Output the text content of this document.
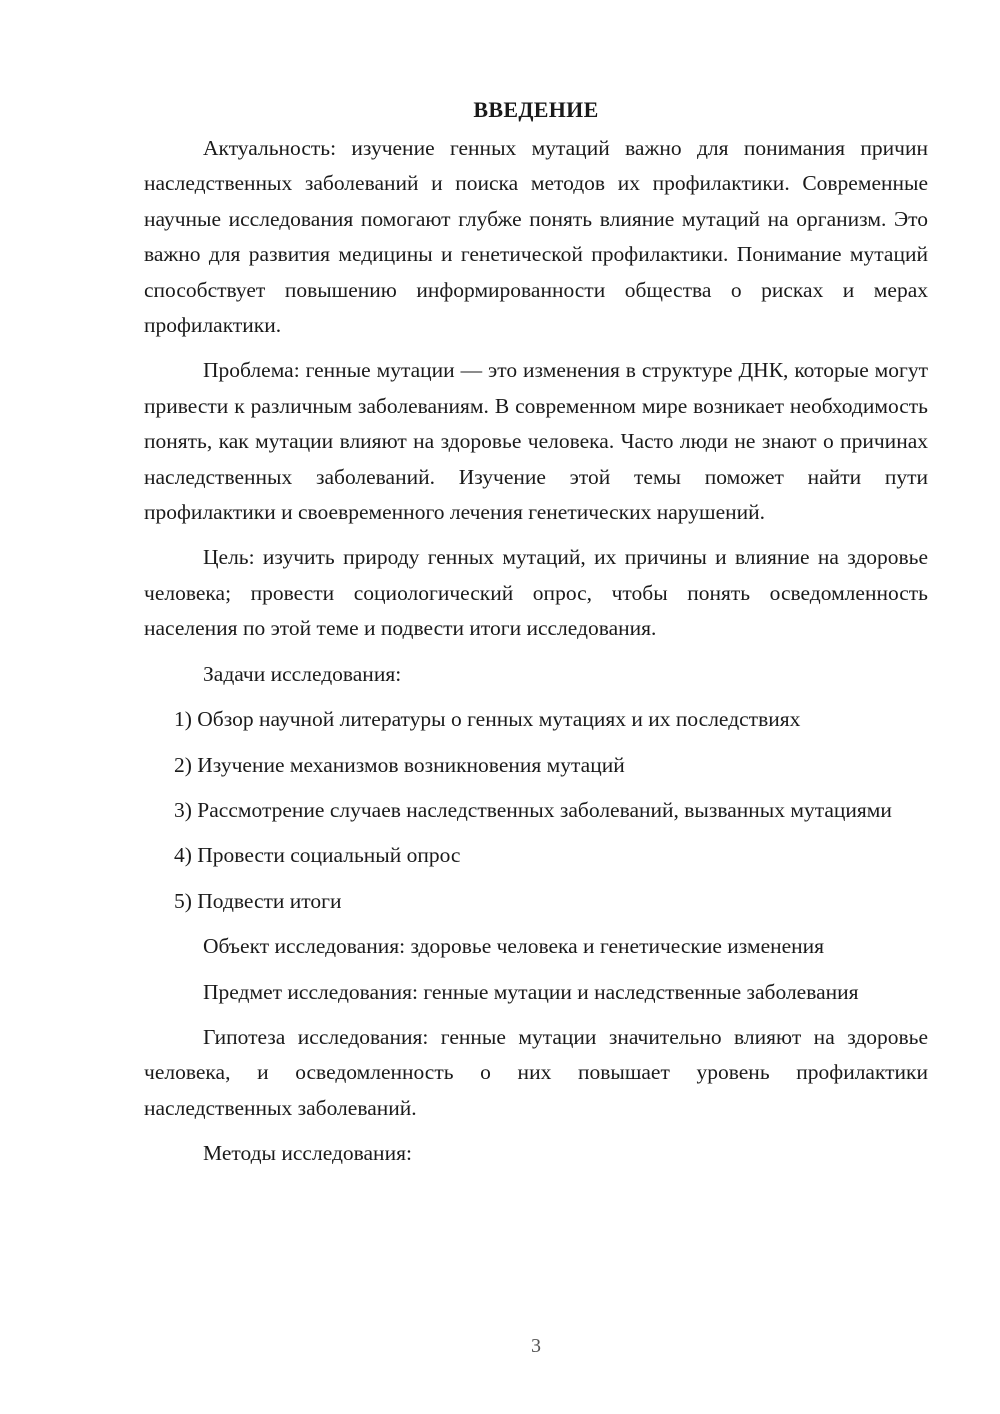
ВВЕДЕНИЕ

Актуальность: изучение генных мутаций важно для понимания причин наследственных заболеваний и поиска методов их профилактики. Современные научные исследования помогают глубже понять влияние мутаций на организм. Это важно для развития медицины и генетической профилактики. Понимание мутаций способствует повышению информированности общества о рисках и мерах профилактики.

Проблема: генные мутации — это изменения в структуре ДНК, которые могут привести к различным заболеваниям. В современном мире возникает необходимость понять, как мутации влияют на здоровье человека. Часто люди не знают о причинах наследственных заболеваний. Изучение этой темы поможет найти пути профилактики и своевременного лечения генетических нарушений.

Цель: изучить природу генных мутаций, их причины и влияние на здоровье человека; провести социологический опрос, чтобы понять осведомленность населения по этой теме и подвести итоги исследования.

Задачи исследования:

1) Обзор научной литературы о генных мутациях и их последствиях

2) Изучение механизмов возникновения мутаций

3) Рассмотрение случаев наследственных заболеваний, вызванных мутациями

4) Провести социальный опрос

5) Подвести итоги

Объект исследования: здоровье человека и генетические изменения

Предмет исследования: генные мутации и наследственные заболевания

Гипотеза исследования: генные мутации значительно влияют на здоровье человека, и осведомленность о них повышает уровень профилактики наследственных заболеваний.

Методы исследования:

3
